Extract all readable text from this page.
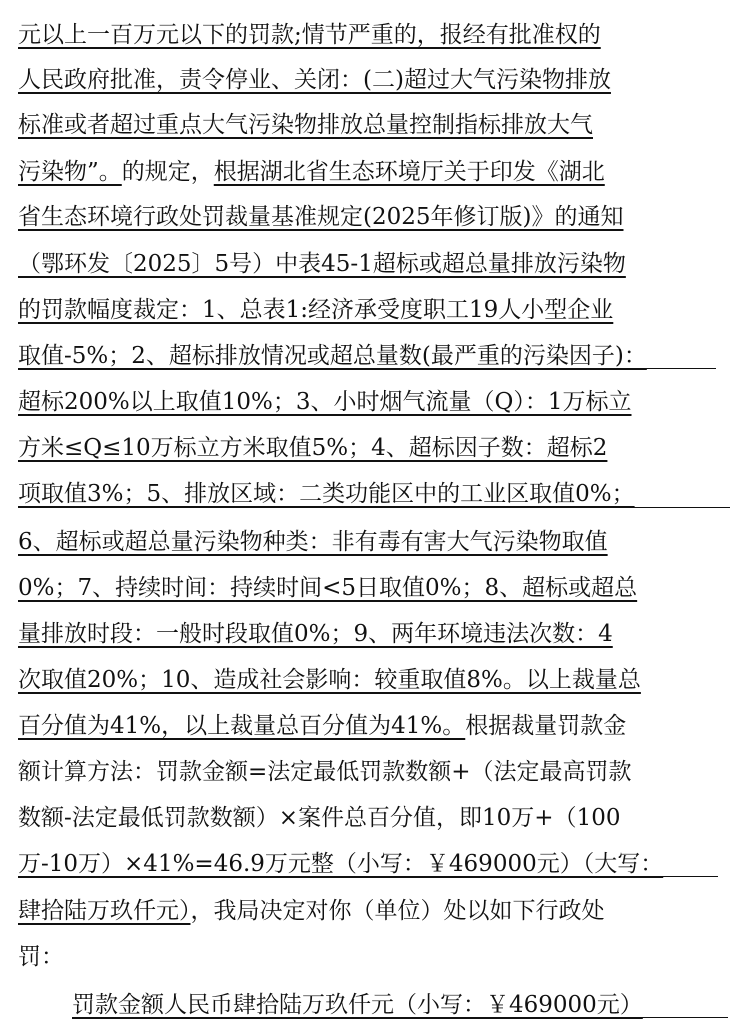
元以上一百万元以下的罚款;情节严重的，报经有批准权的
人民政府批准，责令停业、关闭：(二)超过大气污染物排放
标准或者超过重点大气污染物排放总量控制指标排放大气
污染物”。的规定，根据湖北省生态环境厅关于印发《湖北
省生态环境行政处罚裁量基准规定(2025年修订版)》的通知
（鄂环发〔2025〕5号）中表45-1超标或超总量排放污染物
的罚款幅度裁定：1、总表1:经济承受度职工19人小型企业
取值-5%；2、超标排放情况或超总量数(最严重的污染因子)：
超标200%以上取值10%；3、小时烟气流量（Q）：1万标立
方米≤Q≤10万标立方米取值5%；4、超标因子数：超标2
项取值3%；5、排放区域：二类功能区中的工业区取值0%；
6、超标或超总量污染物种类：非有毒有害大气污染物取值
0%；7、持续时间：持续时间<5日取值0%；8、超标或超总
量排放时段：一般时段取值0%；9、两年环境违法次数：4
次取值20%；10、造成社会影响：较重取值8%。以上裁量总
百分值为41%，以上裁量总百分值为41%。根据裁量罚款金
额计算方法：罚款金额=法定最低罚款数额+（法定最高罚款
数额-法定最低罚款数额）×案件总百分值，即10万+（100
万-10万）×41%=46.9万元整（小写：￥469000元）（大写：
肆拾陆万玖仟元），我局决定对你（单位）处以如下行政处
罚：
罚款金额人民币肆拾陆万玖仟元（小写：￥469000元）
